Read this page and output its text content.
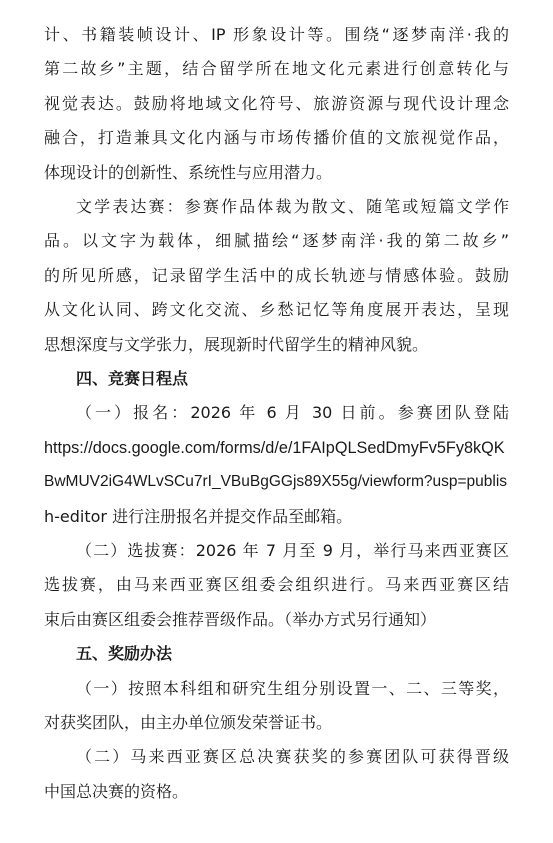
计、书籍装帧设计、IP 形象设计等。围绕“逐梦南洋·我的
第二故乡”主题，结合留学所在地文化元素进行创意转化与
视觉表达。鼓励将地域文化符号、旅游资源与现代设计理念
融合，打造兼具文化内涵与市场传播价值的文旅视觉作品，
体现设计的创新性、系统性与应用潜力。
文学表达赛：参赛作品体裁为散文、随笔或短篇文学作
品。以文字为载体，细腻描绘“逐梦南洋·我的第二故乡”
的所见所感，记录留学生活中的成长轨迹与情感体验。鼓励
从文化认同、跨文化交流、乡愁记忆等角度展开表达，呈现
思想深度与文学张力，展现新时代留学生的精神风貌。
四、竞赛日程点
（一）报名：2026 年 6 月 30 日前。参赛团队登陆
https://docs.google.com/forms/d/e/1FAIpQLSedDmyFv5Fy8kQK
BwMUV2iG4WLvSCu7rI_VBuBgGGjs89X55g/viewform?usp=publis
h-editor 进行注册报名并提交作品至邮箱。
（二）选拔赛：2026 年 7 月至 9 月，举行马来西亚赛区
选拔赛，由马来西亚赛区组委会组织进行。马来西亚赛区结
束后由赛区组委会推荐晋级作品。（举办方式另行通知）
五、奖励办法
（一）按照本科组和研究生组分别设置一、二、三等奖，
对获奖团队，由主办单位颁发荣誉证书。
（二）马来西亚赛区总决赛获奖的参赛团队可获得晋级
中国总决赛的资格。
